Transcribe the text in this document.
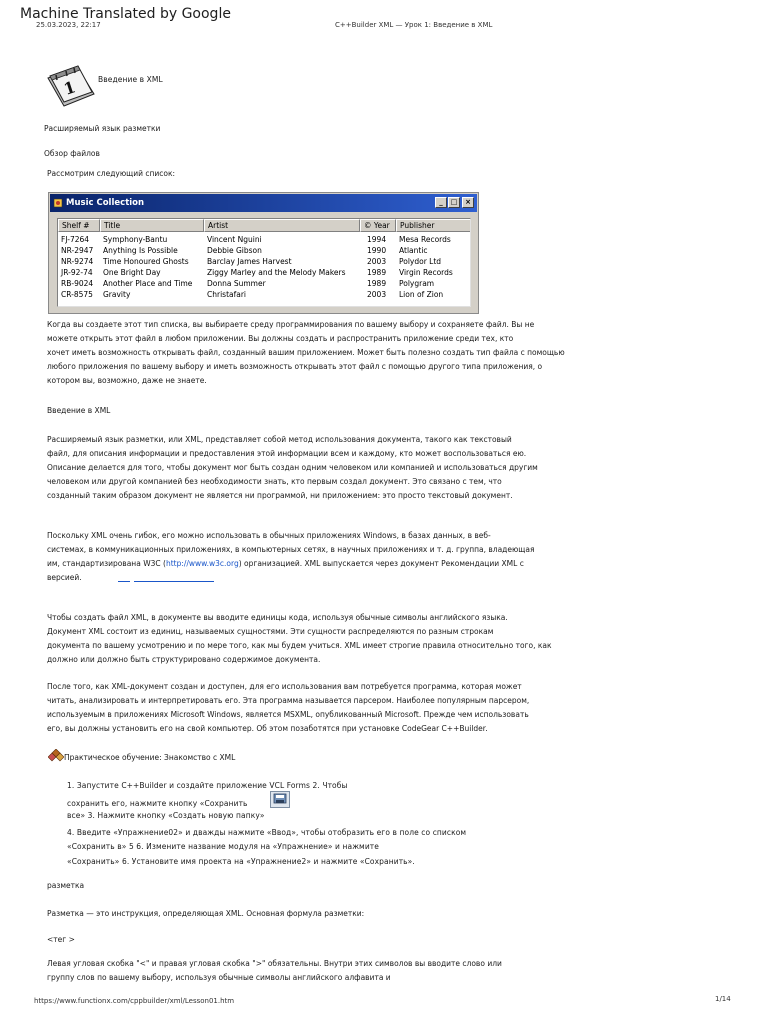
Machine Translated by Google
25.03.2023, 22:17	C++Builder XML — Урок 1: Введение в XML
1	Введение в XML
Расширяемый язык разметки
Обзор файлов
Рассмотрим следующий список:
Music Collection	_	□	×
Shelf #	Title	Artist	© Year	Publisher
FJ-7264	Symphony-Bantu	Vincent Nguini	1994	Mesa Records
NR-2947	Anything Is Possible	Debbie Gibson	1990	Atlantic
NR-9274	Time Honoured Ghosts	Barclay James Harvest	2003	Polydor Ltd
JR-92-74	One Bright Day	Ziggy Marley and the Melody Makers	1989	Virgin Records
RB-9024	Another Place and Time	Donna Summer	1989	Polygram
CR-8575	Gravity	Christafari	2003	Lion of Zion

Когда вы создаете этот тип списка, вы выбираете среду программирования по вашему выбору и сохраняете файл. Вы не

можете открыть этот файл в любом приложении. Вы должны создать и распространить приложение среди тех, кто

хочет иметь возможность открывать файл, созданный вашим приложением. Может быть полезно создать тип файла с помощью

любого приложения по вашему выбору и иметь возможность открывать этот файл с помощью другого типа приложения, о

котором вы, возможно, даже не знаете.

Введение в XML

Расширяемый язык разметки, или XML, представляет собой метод использования документа, такого как текстовый

файл, для описания информации и предоставления этой информации всем и каждому, кто может воспользоваться ею.

Описание делается для того, чтобы документ мог быть создан одним человеком или компанией и использоваться другим

человеком или другой компанией без необходимости знать, кто первым создал документ. Это связано с тем, что

созданный таким образом документ не является ни программой, ни приложением: это просто текстовый документ.

Поскольку XML очень гибок, его можно использовать в обычных приложениях Windows, в базах данных, в веб-

системах, в коммуникационных приложениях, в компьютерных сетях, в научных приложениях и т. д. группа, владеющая

им, стандартизирована W3C (http://www.w3c.org) организацией. XML выпускается через документ Рекомендации XML с

версией.

Чтобы создать файл XML, в документе вы вводите единицы кода, используя обычные символы английского языка.

Документ XML состоит из единиц, называемых сущностями. Эти сущности распределяются по разным строкам

документа по вашему усмотрению и по мере того, как мы будем учиться. XML имеет строгие правила относительно того, как

должно или должно быть структурировано содержимое документа.

После того, как XML-документ создан и доступен, для его использования вам потребуется программа, которая может

читать, анализировать и интерпретировать его. Эта программа называется парсером. Наиболее популярным парсером,

используемым в приложениях Microsoft Windows, является MSXML, опубликованный Microsoft. Прежде чем использовать

его, вы должны установить его на свой компьютер. Об этом позаботятся при установке CodeGear C++Builder.

Практическое обучение: Знакомство с XML
1. Запустите C++Builder и создайте приложение VCL Forms 2. Чтобы
сохранить его, нажмите кнопку «Сохранить
все» 3. Нажмите кнопку «Создать новую папку»
4. Введите «Упражнение02» и дважды нажмите «Ввод», чтобы отобразить его в поле со списком
«Сохранить в» 5 6. Измените название модуля на «Упражнение» и нажмите
«Сохранить» 6. Установите имя проекта на «Упражнение2» и нажмите «Сохранить».
разметка
Разметка — это инструкция, определяющая XML. Основная формула разметки:
<тег >

Левая угловая скобка "<" и правая угловая скобка ">" обязательны. Внутри этих символов вы вводите слово или

группу слов по вашему выбору, используя обычные символы английского алфавита и

https://www.functionx.com/cppbuilder/xml/Lesson01.htm	1/14
